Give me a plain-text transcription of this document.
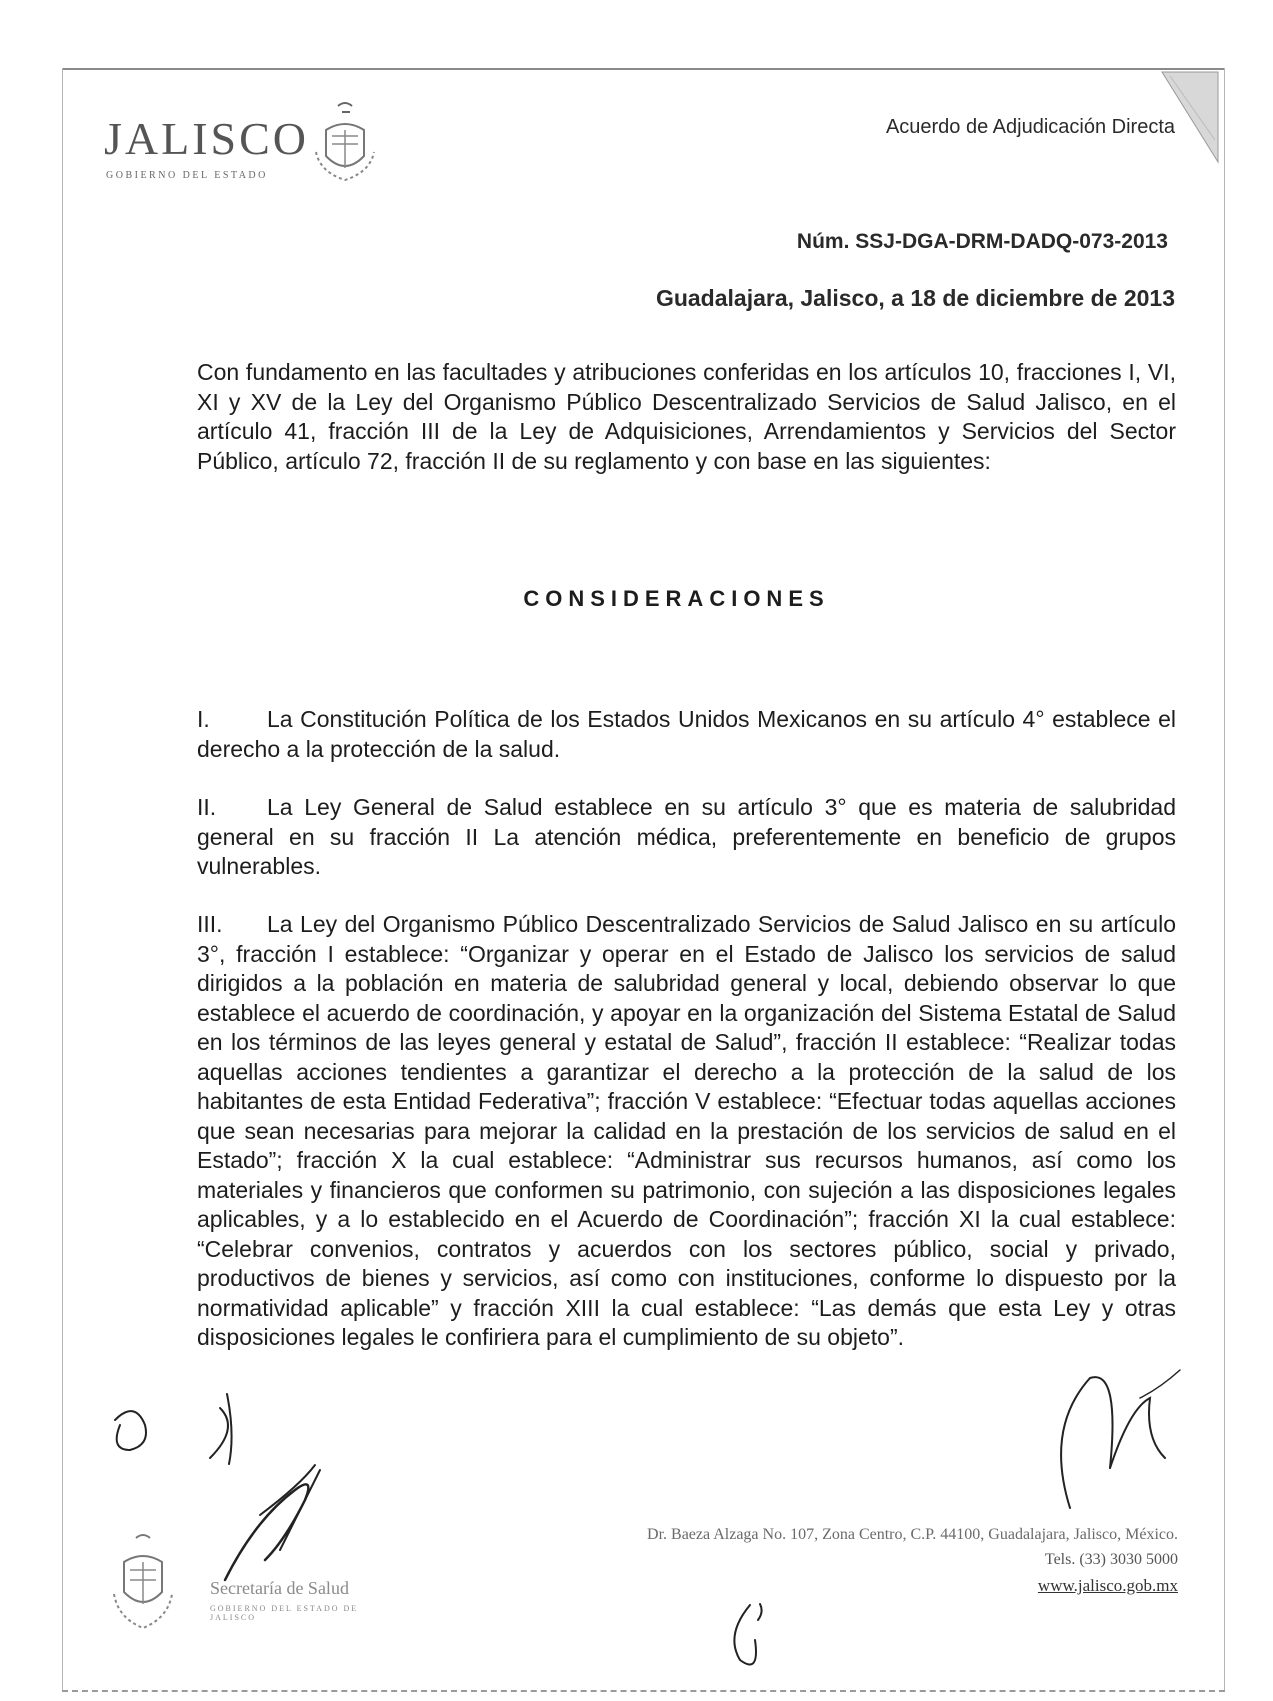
JALISCO
GOBIERNO DEL ESTADO
Acuerdo de Adjudicación Directa
Núm. SSJ-DGA-DRM-DADQ-073-2013
Guadalajara, Jalisco, a 18 de diciembre de 2013

Con fundamento en las facultades y atribuciones conferidas en los artículos 10, fracciones I, VI, XI y XV de la Ley del Organismo Público Descentralizado Servicios de Salud Jalisco, en el artículo 41, fracción III de la Ley de Adquisiciones, Arrendamientos y Servicios del Sector Público, artículo 72, fracción II de su reglamento y con base en las siguientes:

CONSIDERACIONES

I. La Constitución Política de los Estados Unidos Mexicanos en su artículo 4° establece el derecho a la protección de la salud.

II. La Ley General de Salud establece en su artículo 3° que es materia de salubridad general en su fracción II La atención médica, preferentemente en beneficio de grupos vulnerables.

III. La Ley del Organismo Público Descentralizado Servicios de Salud Jalisco en su artículo 3°, fracción I establece: “Organizar y operar en el Estado de Jalisco los servicios de salud dirigidos a la población en materia de salubridad general y local, debiendo observar lo que establece el acuerdo de coordinación, y apoyar en la organización del Sistema Estatal de Salud en los términos de las leyes general y estatal de Salud”, fracción II establece: “Realizar todas aquellas acciones tendientes a garantizar el derecho a la protección de la salud de los habitantes de esta Entidad Federativa”; fracción V establece: “Efectuar todas aquellas acciones que sean necesarias para mejorar la calidad en la prestación de los servicios de salud en el Estado”; fracción X la cual establece: “Administrar sus recursos humanos, así como los materiales y financieros que conformen su patrimonio, con sujeción a las disposiciones legales aplicables, y a lo establecido en el Acuerdo de Coordinación”; fracción XI la cual establece: “Celebrar convenios, contratos y acuerdos con los sectores público, social y privado, productivos de bienes y servicios, así como con instituciones, conforme lo dispuesto por la normatividad aplicable” y fracción XIII la cual establece: “Las demás que esta Ley y otras disposiciones legales le confiriera para el cumplimiento de su objeto”.

Secretaría de Salud
GOBIERNO DEL ESTADO DE JALISCO
Dr. Baeza Alzaga No. 107, Zona Centro, C.P. 44100, Guadalajara, Jalisco, México.
Tels. (33) 3030 5000
www.jalisco.gob.mx
